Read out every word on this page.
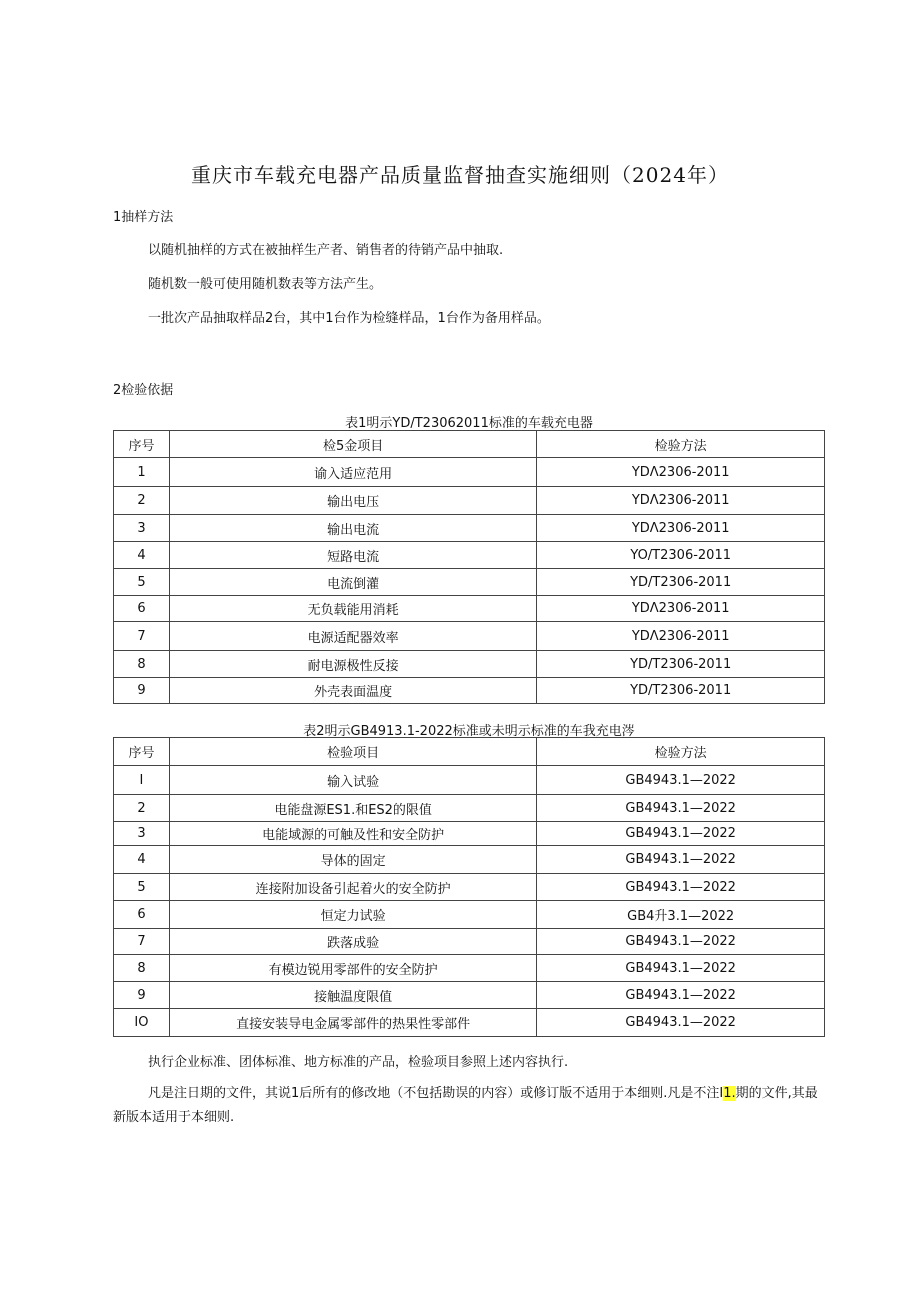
重庆市车载充电器产品质量监督抽查实施细则（2024年）
1抽样方法
以随机抽样的方式在被抽样生产者、销售者的待销产品中抽取.
随机数一般可使用随机数表等方法产生。
一批次产品抽取样品2台，其中1台作为检缝样品，1台作为备用样品。
2检验依据
表1明示YD/T23062011标准的车载充电器
序号	检5金项目	检验方法
1	谕入适应范用	YDΛ2306-2011
2	输出电压	YDΛ2306-2011
3	输出电流	YDΛ2306-2011
4	短路电流	YO/T2306-2011
5	电流倒灌	YD/T2306-2011
6	无负载能用消耗	YDΛ2306-2011
7	电源适配器效率	YDΛ2306-2011
8	耐电源极性反接	YD/T2306-2011
9	外壳表面温度	YD/T2306-2011
表2明示GB4913.1-2022标准或未明示标准的车我充电涔
序号	检验项目	检验方法
I	输入试验	GB4943.1—2022
2	电能盘源ES1.和ES2的限值	GB4943.1—2022
3	电能域源的可触及性和安全防护	GB4943.1—2022
4	导体的固定	GB4943.1—2022
5	连接附加设备引起着火的安全防护	GB4943.1—2022
6	恒定力试验	GB4升3.1—2022
7	跌落成验	GB4943.1—2022
8	有模边锐用零部件的安全防护	GB4943.1—2022
9	接触温度限值	GB4943.1—2022
IO	直接安装导电金属零部件的热果性零部件	GB4943.1—2022
执行企业标准、团体标准、地方标准的产品，检验项目参照上述内容执行.
凡是注日期的文件，其说1后所有的修改地（不包括勘误的内容）或修订版不适用于本细则.凡是不注I1.期的文件,其最新版本适用于本细则.
